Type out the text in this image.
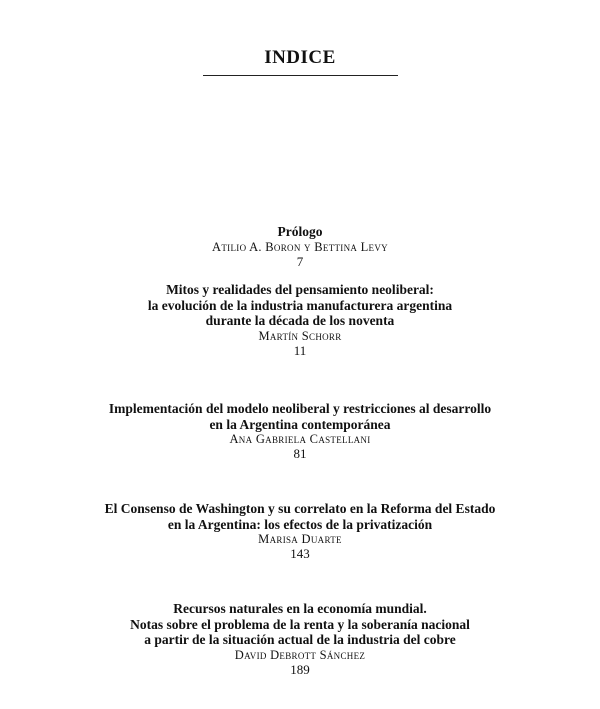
INDICE
Prólogo
Atilio A. Boron y Bettina Levy
7
Mitos y realidades del pensamiento neoliberal:
la evolución de la industria manufacturera argentina
durante la década de los noventa
Martín Schorr
11
Implementación del modelo neoliberal y restricciones al desarrollo
en la Argentina contemporánea
Ana Gabriela Castellani
81
El Consenso de Washington y su correlato en la Reforma del Estado
en la Argentina: los efectos de la privatización
Marisa Duarte
143
Recursos naturales en la economía mundial.
Notas sobre el problema de la renta y la soberanía nacional
a partir de la situación actual de la industria del cobre
David Debrott Sánchez
189
